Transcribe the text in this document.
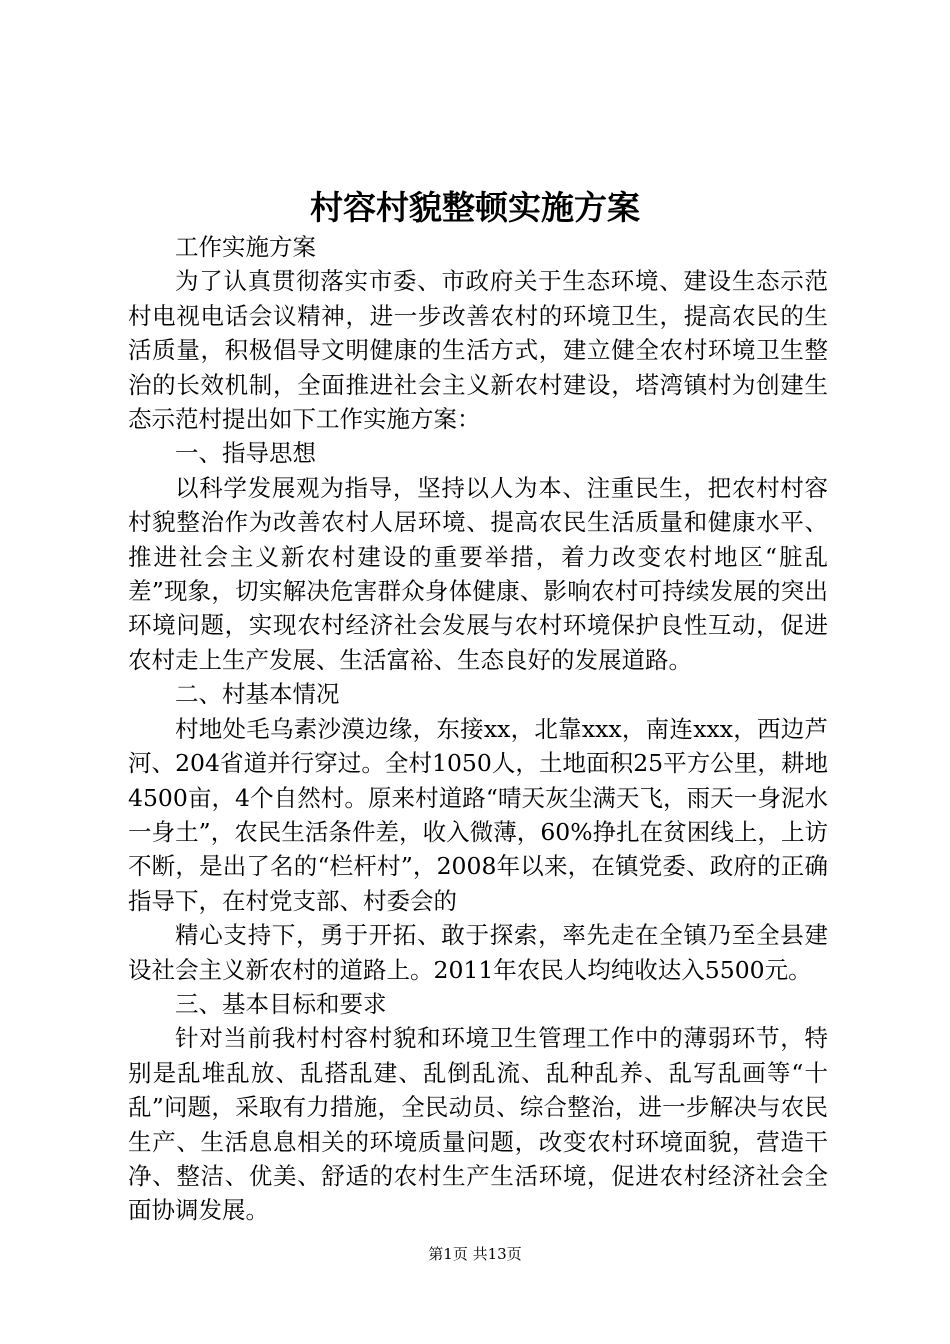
村容村貌整顿实施方案

工作实施方案

为了认真贯彻落实市委、市政府关于生态环境、建设生态示范村电视电话会议精神，进一步改善农村的环境卫生，提高农民的生活质量，积极倡导文明健康的生活方式，建立健全农村环境卫生整治的长效机制，全面推进社会主义新农村建设，塔湾镇村为创建生态示范村提出如下工作实施方案：

一、指导思想

以科学发展观为指导，坚持以人为本、注重民生，把农村村容村貌整治作为改善农村人居环境、提高农民生活质量和健康水平、推进社会主义新农村建设的重要举措，着力改变农村地区“脏乱差”现象，切实解决危害群众身体健康、影响农村可持续发展的突出环境问题，实现农村经济社会发展与农村环境保护良性互动，促进农村走上生产发展、生活富裕、生态良好的发展道路。

二、村基本情况

村地处毛乌素沙漠边缘，东接xx，北靠xxx，南连xxx，西边芦河、204省道并行穿过。全村1050人，土地面积25平方公里，耕地4500亩，4个自然村。原来村道路“晴天灰尘满天飞，雨天一身泥水一身土”，农民生活条件差，收入微薄，60%挣扎在贫困线上，上访不断，是出了名的“栏杆村”，2008年以来，在镇党委、政府的正确指导下，在村党支部、村委会的

精心支持下，勇于开拓、敢于探索，率先走在全镇乃至全县建设社会主义新农村的道路上。2011年农民人均纯收达入5500元。

三、基本目标和要求

针对当前我村村容村貌和环境卫生管理工作中的薄弱环节，特别是乱堆乱放、乱搭乱建、乱倒乱流、乱种乱养、乱写乱画等“十乱”问题，采取有力措施，全民动员、综合整治，进一步解决与农民生产、生活息息相关的环境质量问题，改变农村环境面貌，营造干净、整洁、优美、舒适的农村生产生活环境，促进农村经济社会全面协调发展。

第1页 共13页
